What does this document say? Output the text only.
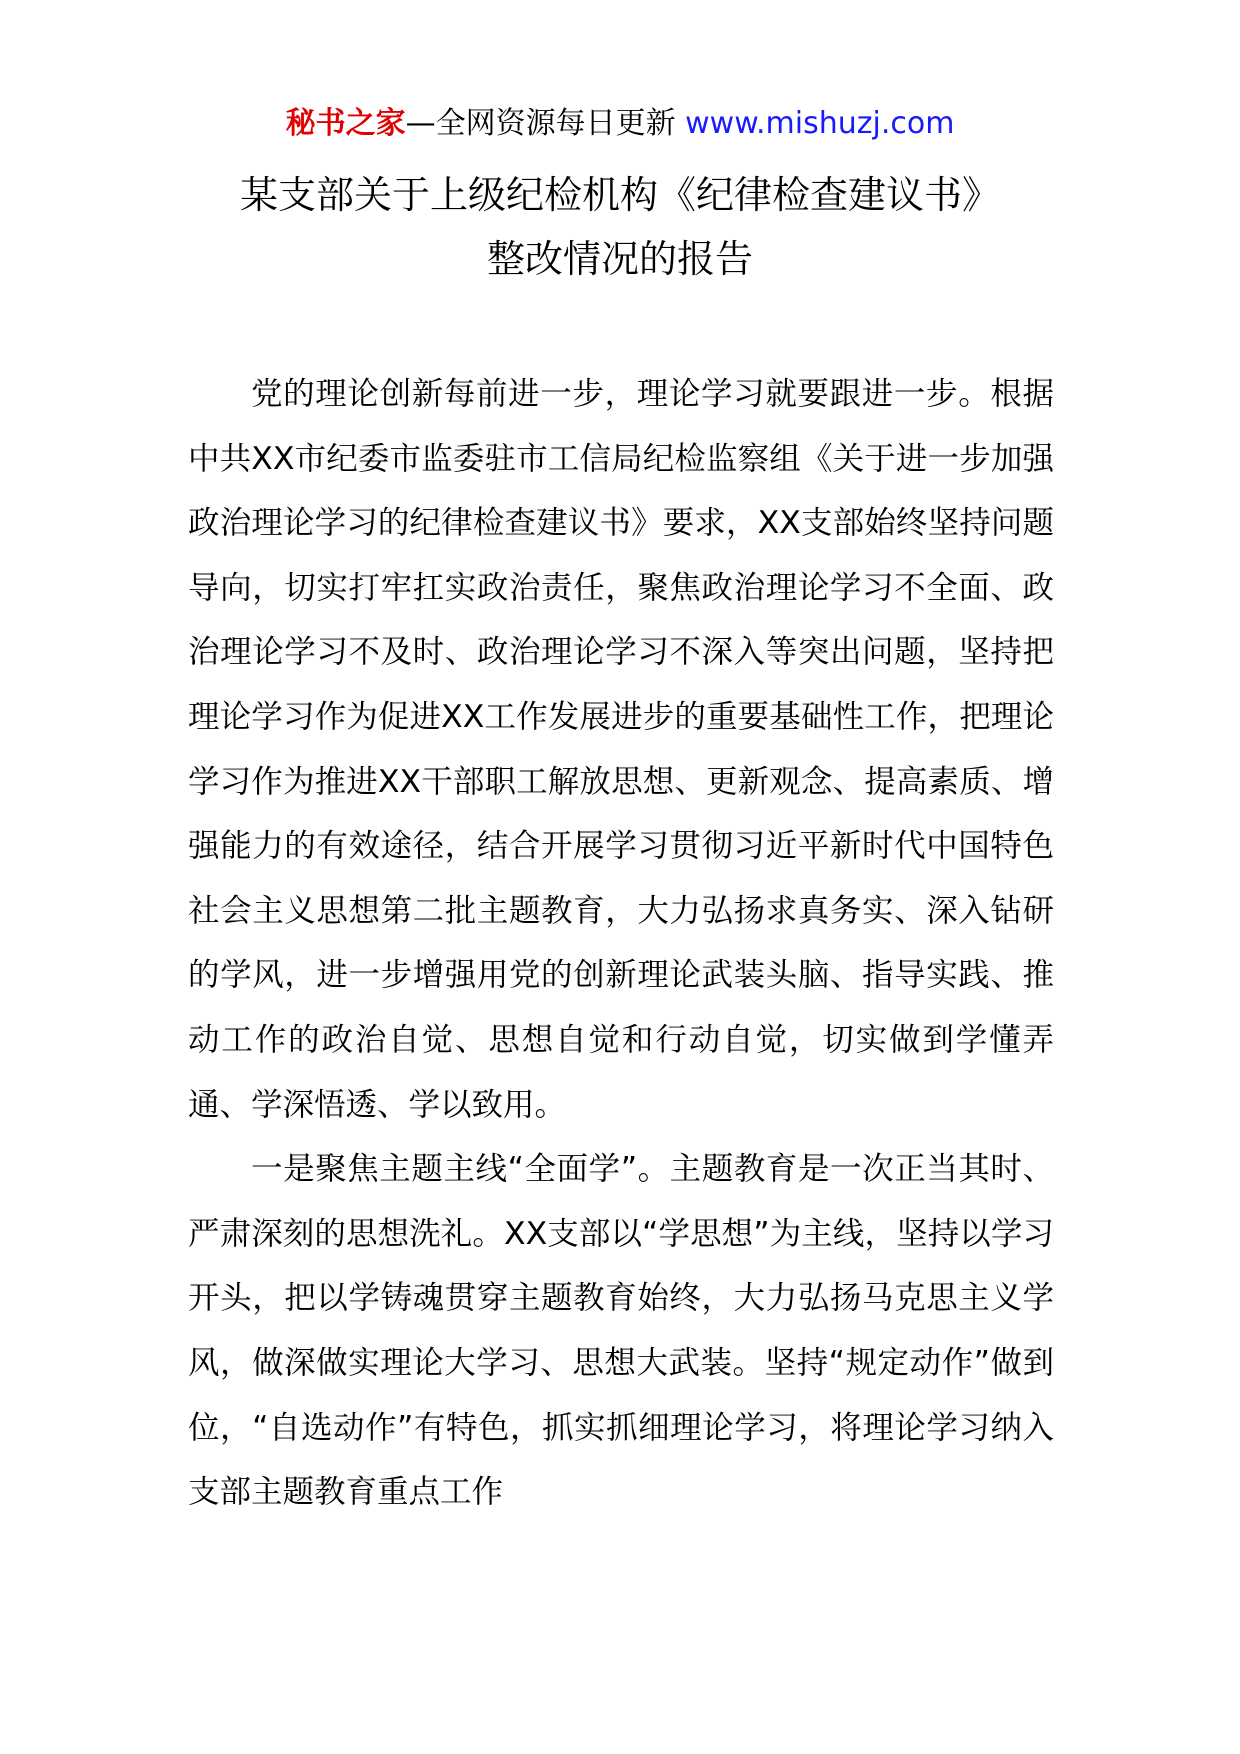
秘书之家—全网资源每日更新 www.mishuzj.com
某支部关于上级纪检机构《纪律检查建议书》
整改情况的报告

党的理论创新每前进一步，理论学习就要跟进一步。根据中共XX市纪委市监委驻市工信局纪检监察组《关于进一步加强政治理论学习的纪律检查建议书》要求，XX支部始终坚持问题导向，切实打牢扛实政治责任，聚焦政治理论学习不全面、政治理论学习不及时、政治理论学习不深入等突出问题，坚持把理论学习作为促进XX工作发展进步的重要基础性工作，把理论学习作为推进XX干部职工解放思想、更新观念、提高素质、增强能力的有效途径，结合开展学习贯彻习近平新时代中国特色社会主义思想第二批主题教育，大力弘扬求真务实、深入钻研的学风，进一步增强用党的创新理论武装头脑、指导实践、推动工作的政治自觉、思想自觉和行动自觉，切实做到学懂弄通、学深悟透、学以致用。

一是聚焦主题主线“全面学”。主题教育是一次正当其时、严肃深刻的思想洗礼。XX支部以“学思想”为主线，坚持以学习开头，把以学铸魂贯穿主题教育始终，大力弘扬马克思主义学风，做深做实理论大学习、思想大武装。坚持“规定动作”做到位，“自选动作”有特色，抓实抓细理论学习，将理论学习纳入支部主题教育重点工作
